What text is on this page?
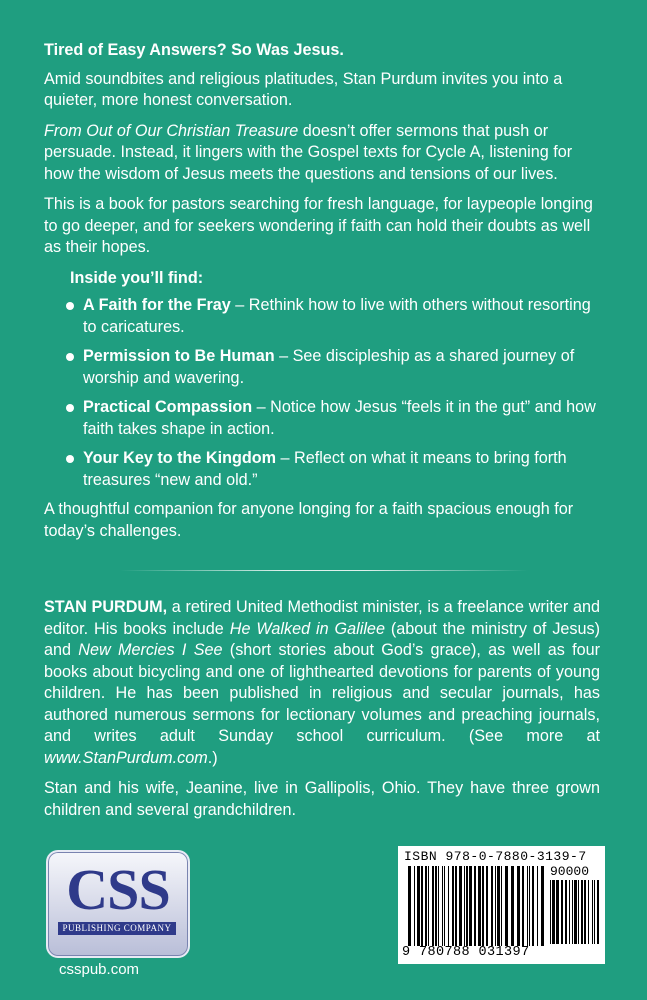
Tired of Easy Answers? So Was Jesus.

Amid soundbites and religious platitudes, Stan Purdum invites you into a quieter, more honest conversation.

From Out of Our Christian Treasure doesn’t offer sermons that push or persuade. Instead, it lingers with the Gospel texts for Cycle A, listening for how the wisdom of Jesus meets the questions and tensions of our lives.

This is a book for pastors searching for fresh language, for laypeople longing to go deeper, and for seekers wondering if faith can hold their doubts as well as their hopes.

Inside you’ll find:

A Faith for the Fray – Rethink how to live with others without resorting to caricatures.
Permission to Be Human – See discipleship as a shared journey of worship and wavering.
Practical Compassion – Notice how Jesus “feels it in the gut” and how faith takes shape in action.
Your Key to the Kingdom – Reflect on what it means to bring forth treasures “new and old.”

A thoughtful companion for anyone longing for a faith spacious enough for today’s challenges.

STAN PURDUM, a retired United Methodist minister, is a freelance writer and editor. His books include He Walked in Galilee (about the ministry of Jesus) and New Mercies I See (short stories about God’s grace), as well as four books about bicycling and one of lighthearted devotions for parents of young children. He has been published in religious and secular journals, has authored numerous sermons for lectionary volumes and preaching journals, and writes adult Sunday school curriculum. (See more at www.StanPurdum.com.)

Stan and his wife, Jeanine, live in Gallipolis, Ohio. They have three grown children and several grandchildren.

CSS
PUBLISHING COMPANY
csspub.com
ISBN 978-0-7880-3139-7
90000
9 780788 031397
